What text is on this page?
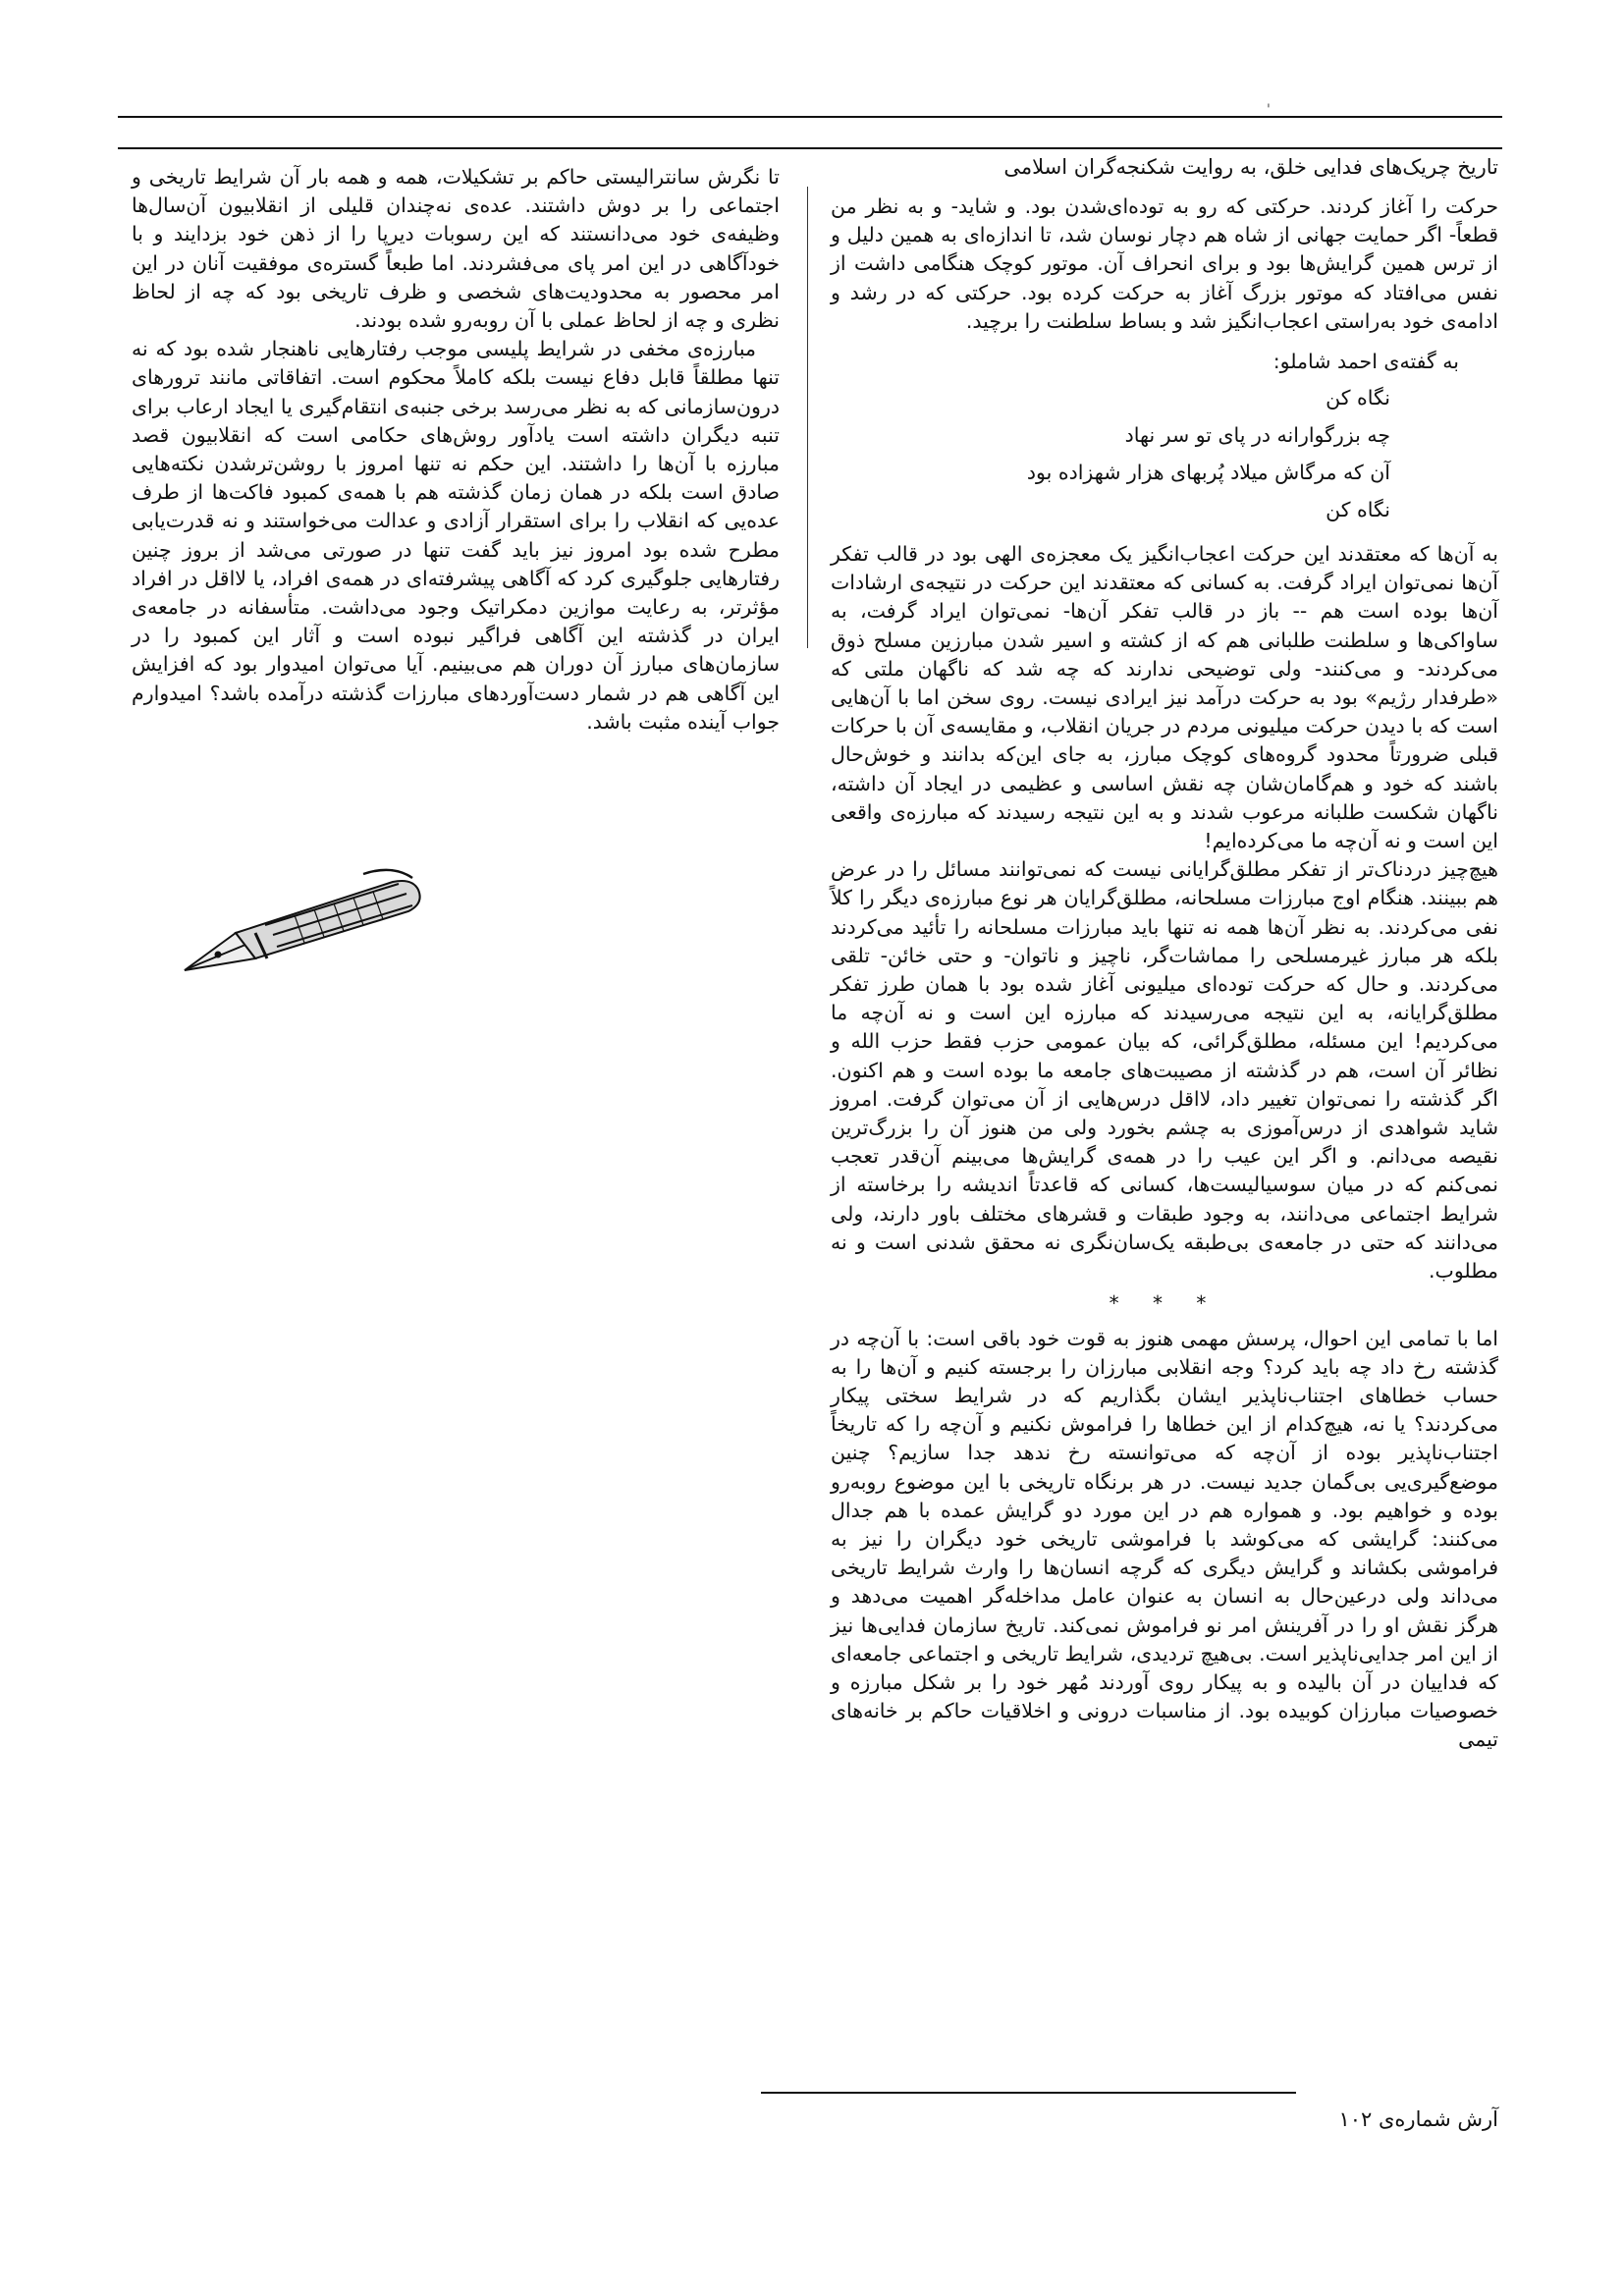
'
تاریخ چریک‌های فدایی خلق، به روایت شکنجه‌گران اسلامی

حرکت را آغاز کردند. حرکتی که رو به توده‌ای‌شدن بود. و شاید- و به نظر من قطعاً- اگر حمایت جهانی از شاه هم دچار نوسان شد، تا اندازه‌ای به همین دلیل و از ترس همین گرایش‌ها بود و برای انحراف آن. موتور کوچک هنگامی داشت از نفس می‌افتاد که موتور بزرگ آغاز به حرکت کرده بود. حرکتی که در رشد و ادامه‌ی خود به‌راستی اعجاب‌انگیز شد و بساط سلطنت را برچید.

به گفته‌ی احمد شاملو:
نگاه کن
چه بزرگوارانه در پای تو سر نهاد
آن که مرگاش میلاد پُربهای هزار شهزاده بود
نگاه کن

به آن‌ها که معتقدند این حرکت اعجاب‌انگیز یک معجزه‌ی الهی بود در قالب تفکر آن‌ها نمی‌توان ایراد گرفت. به کسانی که معتقدند این حرکت در نتیجه‌ی ارشادات آن‌ها بوده است هم -- باز در قالب تفکر آن‌ها- نمی‌توان ایراد گرفت، به ساواکی‌ها و سلطنت طلبانی هم که از کشته و اسیر شدن مبارزین مسلح ذوق می‌کردند- و می‌کنند- ولی توضیحی ندارند که چه شد که ناگهان ملتی که «طرفدار رژیم» بود به حرکت درآمد نیز ایرادی نیست. روی سخن اما با آن‌هایی است که با دیدن حرکت میلیونی مردم در جریان انقلاب، و مقایسه‌ی آن با حرکات قبلی ضرورتاً محدود گروه‌های کوچک مبارز، به جای این‌که بدانند و خوش‌حال باشند که خود و هم‌گامان‌شان چه نقش اساسی و عظیمی در ایجاد آن داشته، ناگهان شکست طلبانه مرعوب شدند و به این نتیجه رسیدند که مبارزه‌ی واقعی این است و نه آن‌چه ما می‌کرده‌ایم!

هیچ‌چیز دردناک‌تر از تفکر مطلق‌گرایانی نیست که نمی‌توانند مسائل را در عرض هم ببینند. هنگام اوج مبارزات مسلحانه، مطلق‌گرایان هر نوع مبارزه‌ی دیگر را کلاً نفی می‌کردند. به نظر آن‌ها همه نه تنها باید مبارزات مسلحانه را تأئید می‌کردند بلکه هر مبارز غیرمسلحی را مماشات‌گر، ناچیز و ناتوان- و حتی خائن- تلقی می‌کردند. و حال که حرکت توده‌ای میلیونی آغاز شده بود با همان طرز تفکر مطلق‌گرایانه، به این نتیجه می‌رسیدند که مبارزه این است و نه آن‌چه ما می‌کردیم! این مسئله، مطلق‌گرائی، که بیان عمومی حزب فقط حزب الله و نظائر آن است، هم در گذشته از مصیبت‌های جامعه ما بوده است و هم اکنون. اگر گذشته را نمی‌توان تغییر داد، لااقل درس‌هایی از آن می‌توان گرفت. امروز شاید شواهدی از درس‌آموزی به چشم بخورد ولی من هنوز آن را بزرگ‌ترین نقیصه می‌دانم. و اگر این عیب را در همه‌ی گرایش‌ها می‌بینم آن‌قدر تعجب نمی‌کنم که در میان سوسیالیست‌ها، کسانی که قاعدتاً اندیشه را برخاسته از شرایط اجتماعی می‌دانند، به وجود طبقات و قشرهای مختلف باور دارند، ولی می‌دانند که حتی در جامعه‌ی بی‌طبقه یک‌سان‌نگری نه محقق شدنی است و نه مطلوب.

* * *

اما با تمامی این احوال، پرسش مهمی هنوز به قوت خود باقی است: با آن‌چه در گذشته رخ داد چه باید کرد؟ وجه انقلابی مبارزان را برجسته کنیم و آن‌ها را به حساب خطاهای اجتناب‌ناپذیر ایشان بگذاریم که در شرایط سختی پیکار می‌کردند؟ یا نه، هیچ‌کدام از این خطاها را فراموش نکنیم و آن‌چه را که تاریخاً اجتناب‌ناپذیر بوده از آن‌چه که می‌توانسته رخ ندهد جدا سازیم؟ چنین موضع‌گیری‌یی بی‌گمان جدید نیست. در هر برنگاه تاریخی با این موضوع روبه‌رو بوده و خواهیم بود. و همواره هم در این مورد دو گرایش عمده با هم جدال می‌کنند: گرایشی که می‌کوشد با فراموشی تاریخی خود دیگران را نیز به فراموشی بکشاند و گرایش دیگری که گرچه انسان‌ها را وارث شرایط تاریخی می‌داند ولی درعین‌حال به انسان به عنوان عامل مداخله‌گر اهمیت می‌دهد و هرگز نقش او را در آفرینش امر نو فراموش نمی‌کند. تاریخ سازمان فدایی‌ها نیز از این امر جدایی‌ناپذیر است. بی‌هیچ تردیدی، شرایط تاریخی و اجتماعی جامعه‌ای که فداییان در آن بالیده و به پیکار روی آوردند مُهر خود را بر شکل مبارزه و خصوصیات مبارزان کوبیده بود. از مناسبات درونی و اخلاقیات حاکم بر خانه‌های تیمی

تا نگرش سانترالیستی حاکم بر تشکیلات، همه و همه بار آن شرایط تاریخی و اجتماعی را بر دوش داشتند. عده‌ی نه‌چندان قلیلی از انقلابیون آن‌سال‌ها وظیفه‌ی خود می‌دانستند که این رسوبات دیرپا را از ذهن خود بزدایند و با خودآگاهی در این امر پای می‌فشردند. اما طبعاً گستره‌ی موفقیت آنان در این امر محصور به محدودیت‌های شخصی و ظرف تاریخی بود که چه از لحاظ نظری و چه از لحاظ عملی با آن روبه‌رو شده بودند.

مبارزه‌ی مخفی در شرایط پلیسی موجب رفتارهایی ناهنجار شده بود که نه تنها مطلقاً قابل دفاع نیست بلکه کاملاً محکوم است. اتفاقاتی مانند ترورهای درون‌سازمانی که به نظر می‌رسد برخی جنبه‌ی انتقام‌گیری یا ایجاد ارعاب برای تنبه دیگران داشته است یادآور روش‌های حکامی است که انقلابیون قصد مبارزه با آن‌ها را داشتند. این حکم نه تنها امروز با روشن‌ترشدن نکته‌هایی صادق است بلکه در همان زمان گذشته هم با همه‌ی کمبود فاکت‌ها از طرف عده‌یی که انقلاب را برای استقرار آزادی و عدالت می‌خواستند و نه قدرت‌یابی مطرح شده بود امروز نیز باید گفت تنها در صورتی می‌شد از بروز چنین رفتارهایی جلوگیری کرد که آگاهی پیشرفته‌ای در همه‌ی افراد، یا لااقل در افراد مؤثرتر، به رعایت موازین دمکراتیک وجود می‌داشت. متأسفانه در جامعه‌ی ایران در گذشته این آگاهی فراگیر نبوده است و آثار این کمبود را در سازمان‌های مبارز آن دوران هم می‌بینیم. آیا می‌توان امیدوار بود که افزایش این آگاهی هم در شمار دست‌آوردهای مبارزات گذشته درآمده باشد؟ امیدوارم جواب آینده مثبت باشد.

آرش شماره‌ی ۱۰۲
